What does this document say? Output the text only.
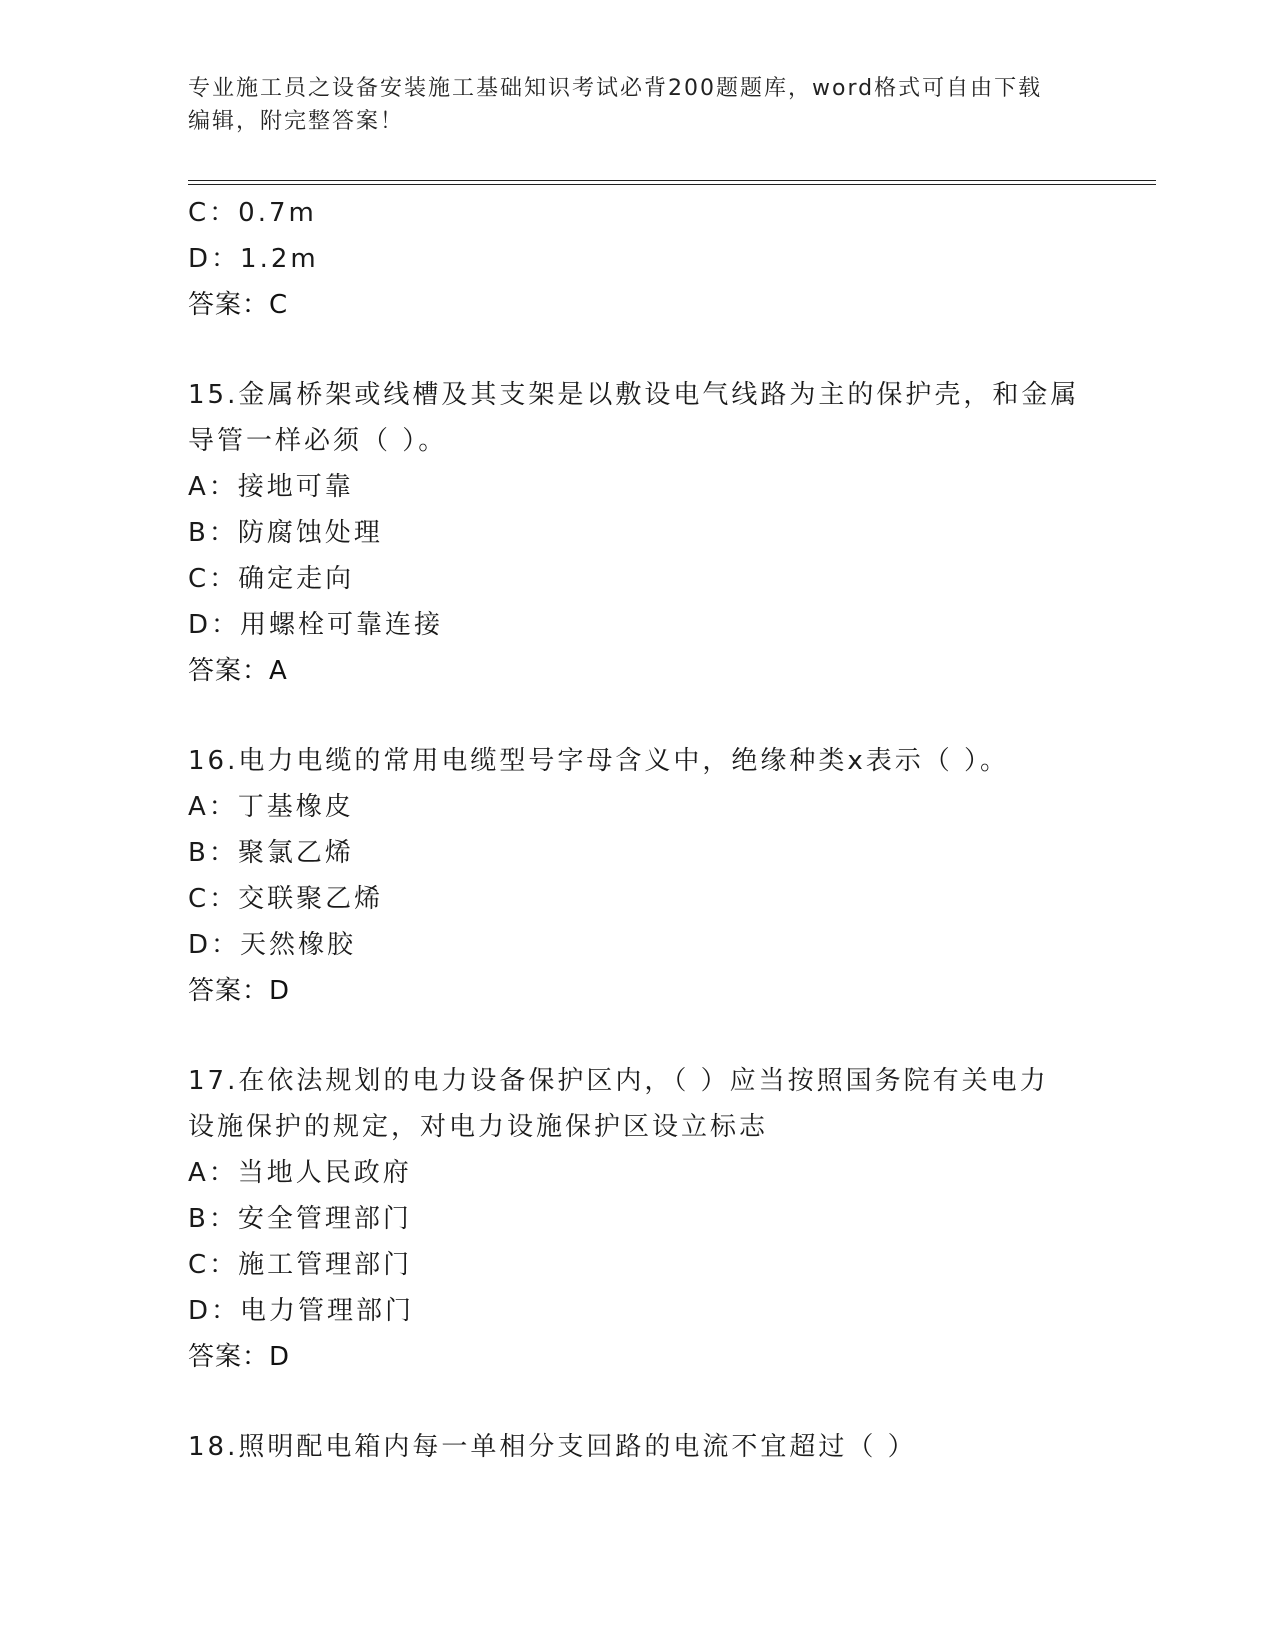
专业施工员之设备安装施工基础知识考试必背200题题库，word格式可自由下载
编辑，附完整答案！
C：0.7m
D：1.2m
答案：C
15.金属桥架或线槽及其支架是以敷设电气线路为主的保护壳，和金属
导管一样必须（ ）。
A：接地可靠
B：防腐蚀处理
C：确定走向
D：用螺栓可靠连接
答案：A
16.电力电缆的常用电缆型号字母含义中，绝缘种类x表示（ ）。
A：丁基橡皮
B：聚氯乙烯
C：交联聚乙烯
D：天然橡胶
答案：D
17.在依法规划的电力设备保护区内，（ ）应当按照国务院有关电力
设施保护的规定，对电力设施保护区设立标志
A：当地人民政府
B：安全管理部门
C：施工管理部门
D：电力管理部门
答案：D
18.照明配电箱内每一单相分支回路的电流不宜超过（ ）
